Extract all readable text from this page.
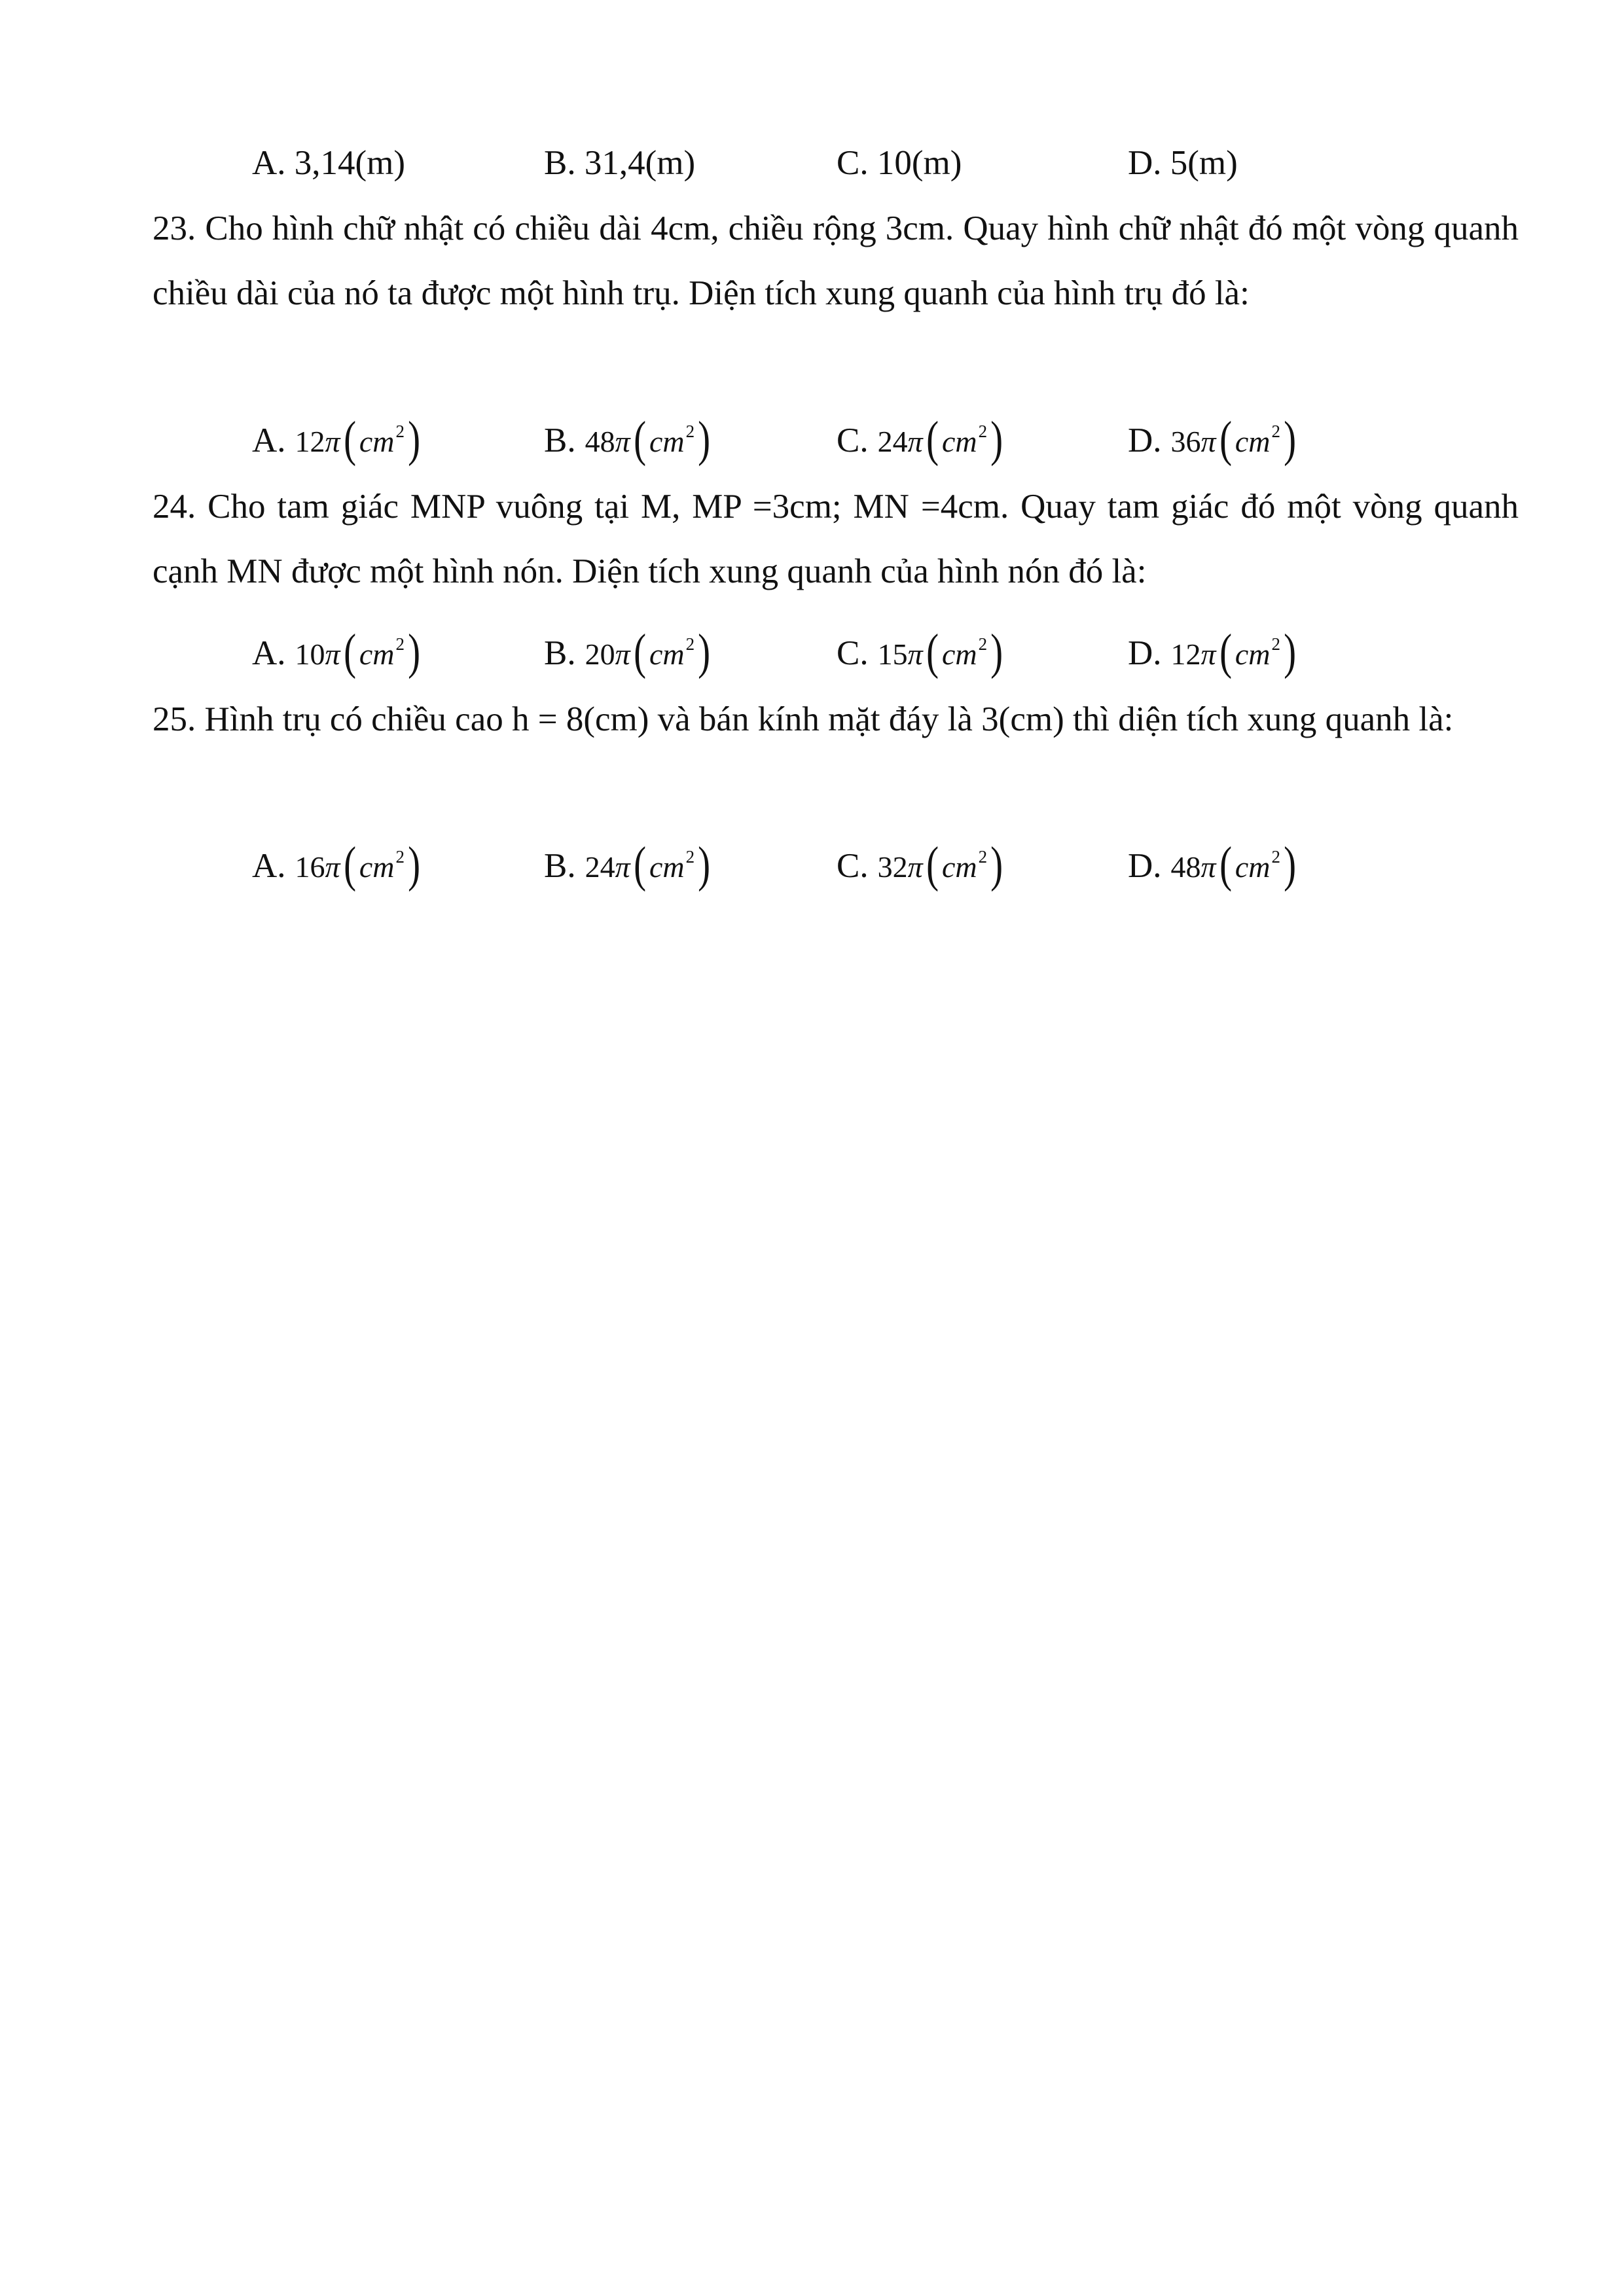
A. 3,14(m)	B. 31,4(m)	C. 10(m)	D. 5(m)
23. Cho hình chữ nhật có chiều dài 4cm, chiều rộng 3cm. Quay hình chữ nhật đó một vòng quanh chiều dài của nó ta được một hình trụ. Diện tích xung quanh của hình trụ đó là:
A. 12π( $cm^2$)	B. 48π( $cm^2$)	C. 24π( $cm^2$)	D. 36π( $cm^2$)
24. Cho tam giác MNP vuông tại M, MP =3cm; MN =4cm. Quay tam giác đó một vòng quanh cạnh MN được một hình nón. Diện tích xung quanh của hình nón đó là:
A. 10π( $cm^2$)	B. 20π( $cm^2$)	C. 15π( $cm^2$)	D. 12π( $cm^2$)
25. Hình trụ có chiều cao h = 8(cm) và bán kính mặt đáy là 3(cm) thì diện tích xung quanh là:
A. 16π( $cm^2$)	B. 24π( $cm^2$)	C. 32π( $cm^2$)	D. 48π( $cm^2$)
